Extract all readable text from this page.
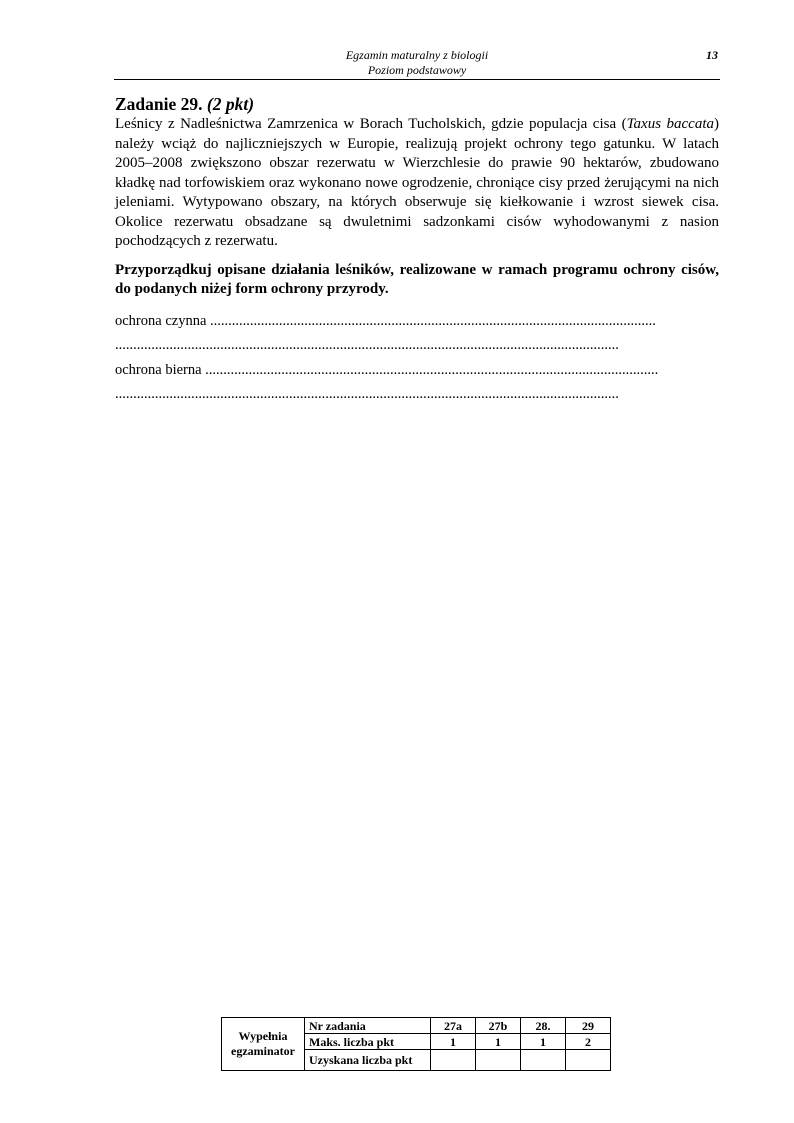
Egzamin maturalny z biologii
Poziom podstawowy
13

Zadanie 29. (2 pkt)

Leśnicy z Nadleśnictwa Zamrzenica w Borach Tucholskich, gdzie populacja cisa (Taxus baccata) należy wciąż do najliczniejszych w Europie, realizują projekt ochrony tego gatunku. W latach 2005–2008 zwiększono obszar rezerwatu w Wierzchlesie do prawie 90 hektarów, zbudowano kładkę nad torfowiskiem oraz wykonano nowe ogrodzenie, chroniące cisy przed żerującymi na nich jeleniami. Wytypowano obszary, na których obserwuje się kiełkowanie i wzrost siewek cisa. Okolice rezerwatu obsadzane są dwuletnimi sadzonkami cisów wyhodowanymi z nasion pochodzących z rezerwatu.

Przyporządkuj opisane działania leśników, realizowane w ramach programu ochrony cisów, do podanych niżej form ochrony przyrody.

ochrona czynna ...........................................................................................................................

...........................................................................................................................................

ochrona bierna .............................................................................................................................

...........................................................................................................................................

Wypełnia egzaminator	Nr zadania	27a	27b	28.	29
	Maks. liczba pkt	1	1	1	2
	Uzyskana liczba pkt				
